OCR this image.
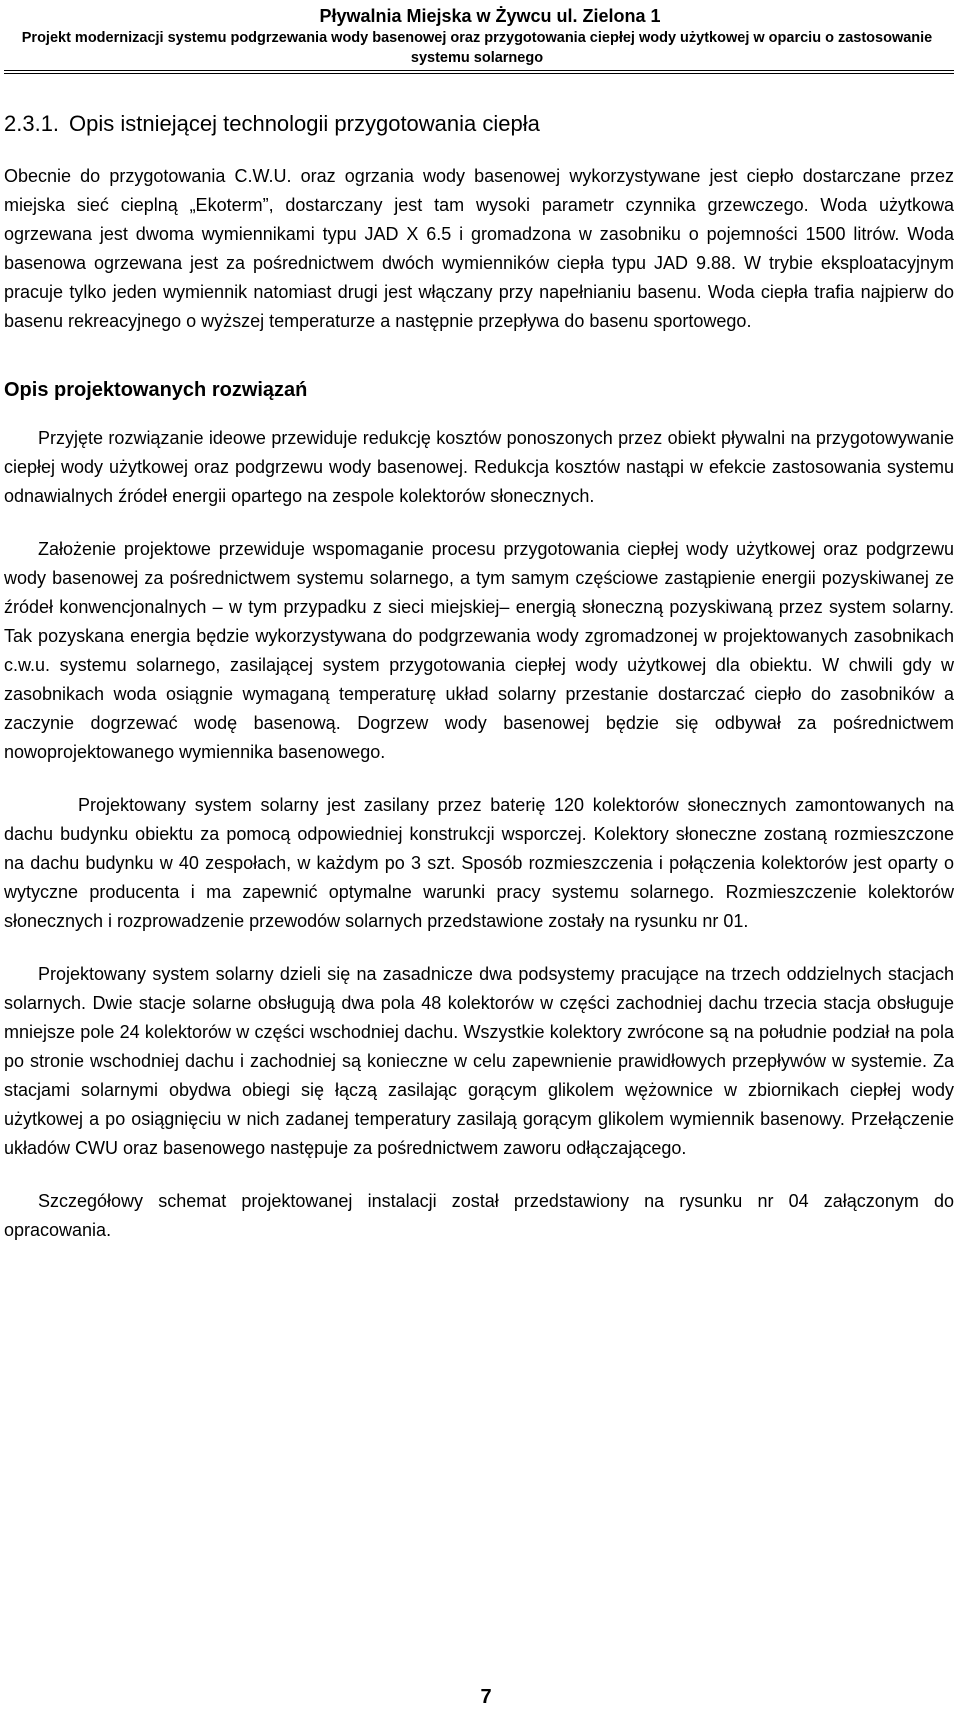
Pływalnia Miejska w Żywcu ul. Zielona 1
Projekt modernizacji systemu podgrzewania wody basenowej oraz przygotowania ciepłej wody użytkowej w oparciu o zastosowanie systemu solarnego
2.3.1. Opis istniejącej technologii przygotowania ciepła

Obecnie do przygotowania C.W.U. oraz ogrzania wody basenowej wykorzystywane jest ciepło dostarczane przez miejska sieć cieplną „Ekoterm”, dostarczany jest tam wysoki parametr czynnika grzewczego. Woda użytkowa ogrzewana jest dwoma wymiennikami typu JAD X 6.5 i gromadzona w zasobniku o pojemności 1500 litrów. Woda basenowa ogrzewana jest za pośrednictwem dwóch wymienników ciepła typu JAD 9.88. W trybie eksploatacyjnym pracuje tylko jeden wymiennik natomiast drugi jest włączany przy napełnianiu basenu. Woda ciepła trafia najpierw do basenu rekreacyjnego o wyższej temperaturze a następnie przepływa do basenu sportowego.

Opis projektowanych rozwiązań

Przyjęte rozwiązanie ideowe przewiduje redukcję kosztów ponoszonych przez obiekt pływalni na przygotowywanie ciepłej wody użytkowej oraz podgrzewu wody basenowej. Redukcja kosztów nastąpi w efekcie zastosowania systemu odnawialnych źródeł energii opartego na zespole kolektorów słonecznych.

Założenie projektowe przewiduje wspomaganie procesu przygotowania ciepłej wody użytkowej oraz podgrzewu wody basenowej za pośrednictwem systemu solarnego, a tym samym częściowe zastąpienie energii pozyskiwanej ze źródeł konwencjonalnych – w tym przypadku z sieci miejskiej– energią słoneczną pozyskiwaną przez system solarny. Tak pozyskana energia będzie wykorzystywana do podgrzewania wody zgromadzonej w projektowanych zasobnikach c.w.u. systemu solarnego, zasilającej system przygotowania ciepłej wody użytkowej dla obiektu. W chwili gdy w zasobnikach woda osiągnie wymaganą temperaturę układ solarny przestanie dostarczać ciepło do zasobników a zaczynie dogrzewać wodę basenową. Dogrzew wody basenowej będzie się odbywał za pośrednictwem nowoprojektowanego wymiennika basenowego.

Projektowany system solarny jest zasilany przez baterię 120 kolektorów słonecznych zamontowanych na dachu budynku obiektu za pomocą odpowiedniej konstrukcji wsporczej. Kolektory słoneczne zostaną rozmieszczone na dachu budynku w 40 zespołach, w każdym po 3 szt. Sposób rozmieszczenia i połączenia kolektorów jest oparty o wytyczne producenta i ma zapewnić optymalne warunki pracy systemu solarnego. Rozmieszczenie kolektorów słonecznych i rozprowadzenie przewodów solarnych przedstawione zostały na rysunku nr 01.

Projektowany system solarny dzieli się na zasadnicze dwa podsystemy pracujące na trzech oddzielnych stacjach solarnych. Dwie stacje solarne obsługują dwa pola 48 kolektorów w części zachodniej dachu trzecia stacja obsługuje mniejsze pole 24 kolektorów w części wschodniej dachu. Wszystkie kolektory zwrócone są na południe podział na pola po stronie wschodniej dachu i zachodniej są konieczne w celu zapewnienie prawidłowych przepływów w systemie. Za stacjami solarnymi obydwa obiegi się łączą zasilając gorącym glikolem wężownice w zbiornikach ciepłej wody użytkowej a po osiągnięciu w nich zadanej temperatury zasilają gorącym glikolem wymiennik basenowy. Przełączenie układów CWU oraz basenowego następuje za pośrednictwem zaworu odłączającego.

Szczegółowy schemat projektowanej instalacji został przedstawiony na rysunku nr 04 załączonym do opracowania.

7
